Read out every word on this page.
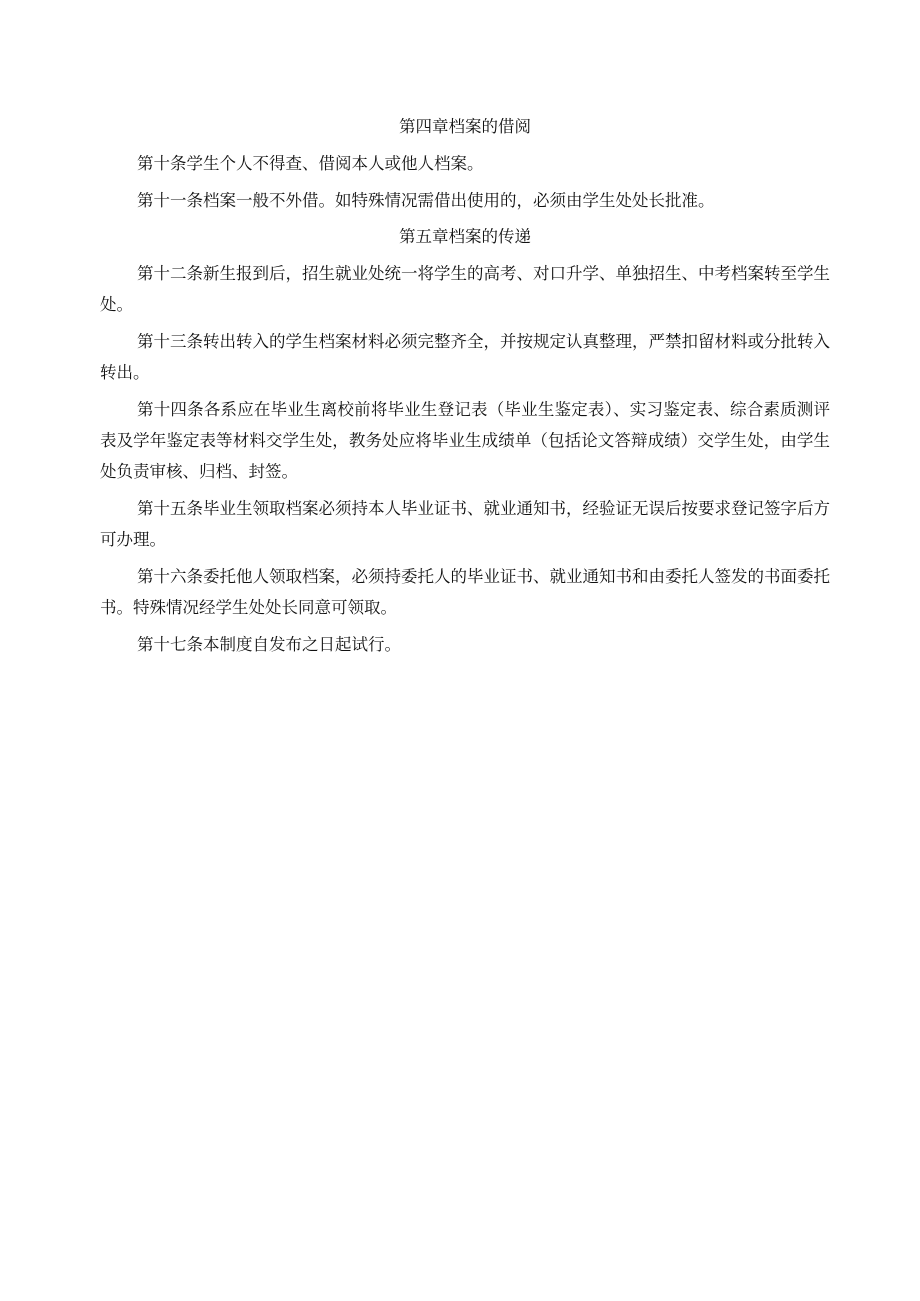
第四章档案的借阅

第十条学生个人不得查、借阅本人或他人档案。

第十一条档案一般不外借。如特殊情况需借出使用的，必须由学生处处长批准。

第五章档案的传递

第十二条新生报到后，招生就业处统一将学生的高考、对口升学、单独招生、中考档案转至学生处。

第十三条转出转入的学生档案材料必须完整齐全，并按规定认真整理，严禁扣留材料或分批转入转出。

第十四条各系应在毕业生离校前将毕业生登记表（毕业生鉴定表）、实习鉴定表、综合素质测评表及学年鉴定表等材料交学生处，教务处应将毕业生成绩单（包括论文答辩成绩）交学生处，由学生处负责审核、归档、封签。

第十五条毕业生领取档案必须持本人毕业证书、就业通知书，经验证无误后按要求登记签字后方可办理。

第十六条委托他人领取档案，必须持委托人的毕业证书、就业通知书和由委托人签发的书面委托书。特殊情况经学生处处长同意可领取。

第十七条本制度自发布之日起试行。
